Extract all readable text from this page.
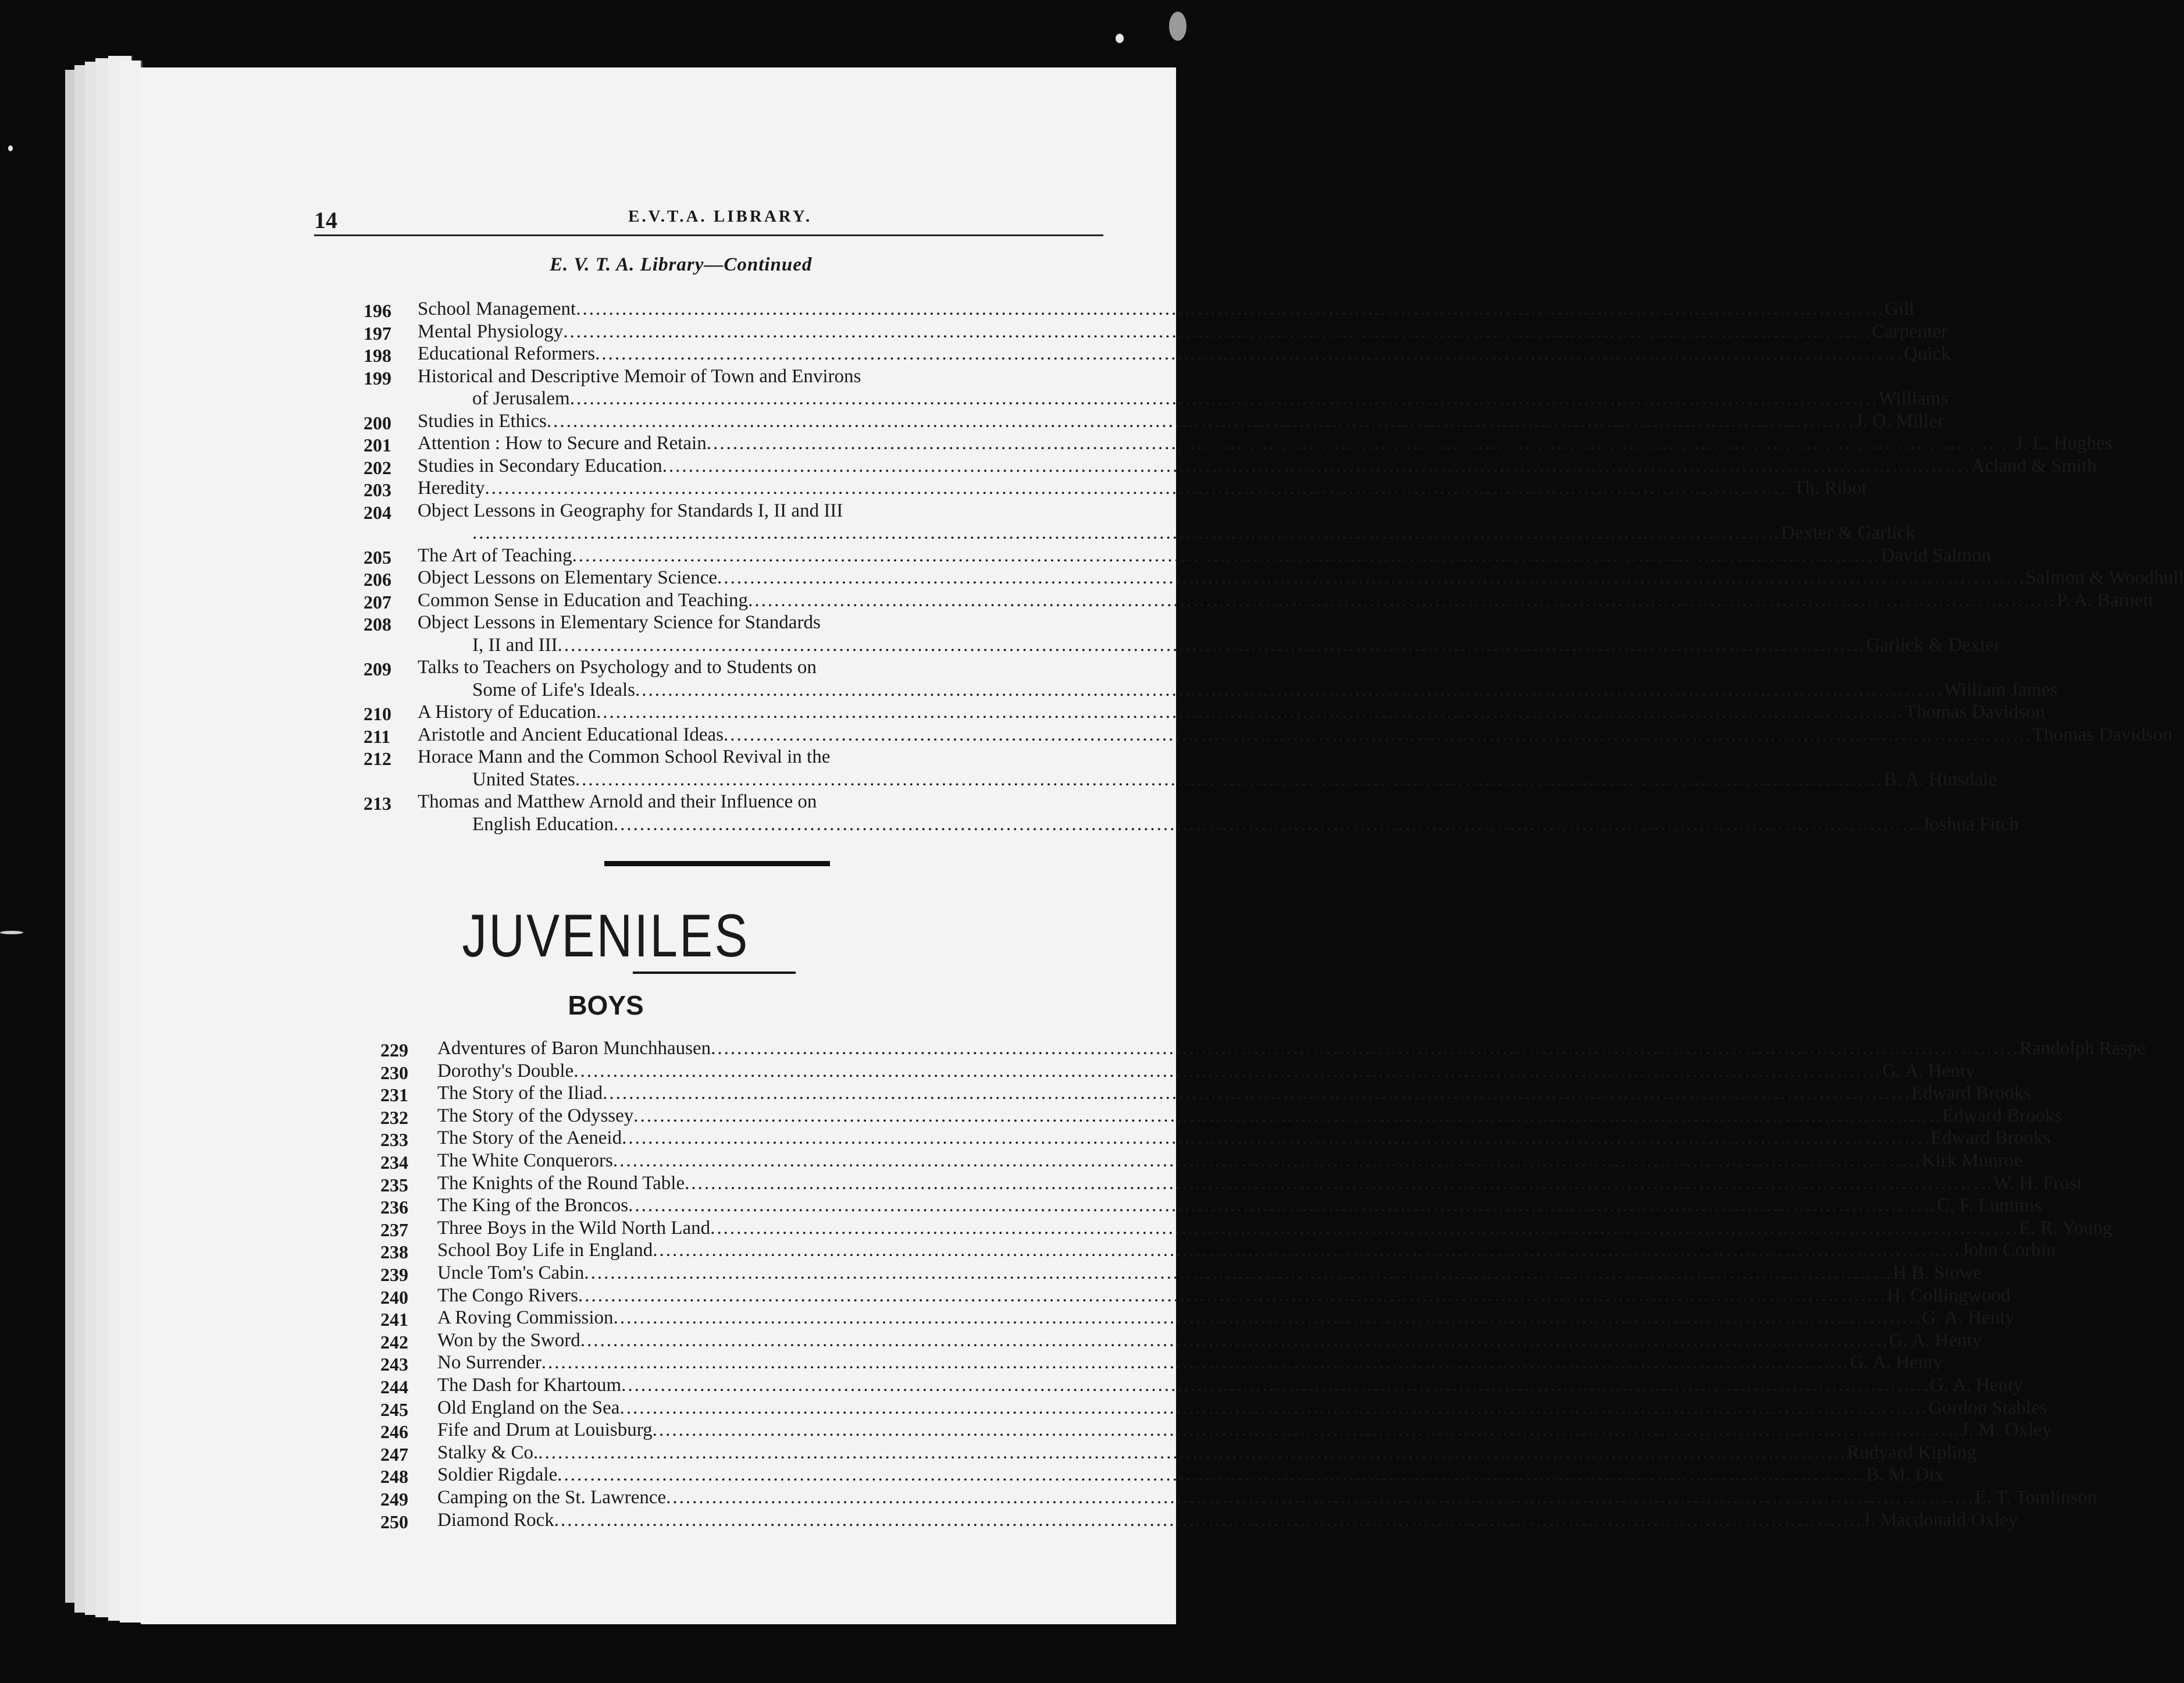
14	E.V.T.A. LIBRARY.
E. V. T. A. Library—Continued
196 School Management ........................................................................................................................................................................................................ Gill
197 Mental Physiology ........................................................................................................................................................................................................ Carpenter
198 Educational Reformers ........................................................................................................................................................................................................ Quick
199 Historical and Descriptive Memoir of Town and Environs
of Jerusalem ........................................................................................................................................................................................................ Williams
200 Studies in Ethics ........................................................................................................................................................................................................ J. O. Miller
201 Attention : How to Secure and Retain ........................................................................................................................................................................................................ J. L. Hughes
202 Studies in Secondary Education ........................................................................................................................................................................................................ Acland & Smith
203 Heredity ........................................................................................................................................................................................................ Th. Ribot
204 Object Lessons in Geography for Standards I, II and III
........................................................................................................................................................................................................ Dexter & Garlick
205 The Art of Teaching ........................................................................................................................................................................................................ David Salmon
206 Object Lessons on Elementary Science ........................................................................................................................................................................................................ Salmon & Woodhull
207 Common Sense in Education and Teaching ........................................................................................................................................................................................................ P. A. Barnett
208 Object Lessons in Elementary Science for Standards
I, II and III ........................................................................................................................................................................................................ Garlick & Dexter
209 Talks to Teachers on Psychology and to Students on
Some of Life's Ideals ........................................................................................................................................................................................................ William James
210 A History of Education ........................................................................................................................................................................................................ Thomas Davidson
211 Aristotle and Ancient Educational Ideas ........................................................................................................................................................................................................ Thomas Davidson
212 Horace Mann and the Common School Revival in the
United States ........................................................................................................................................................................................................ B. A. Hinsdale
213 Thomas and Matthew Arnold and their Influence on
English Education ........................................................................................................................................................................................................ Joshua Fitch
JUVENILES
BOYS
229 Adventures of Baron Munchhausen ........................................................................................................................................................................................................ Randolph Raspe
230 Dorothy's Double ........................................................................................................................................................................................................ G. A. Henty
231 The Story of the Iliad ........................................................................................................................................................................................................ Edward Brooks
232 The Story of the Odyssey ........................................................................................................................................................................................................ Edward Brooks
233 The Story of the Aeneid ........................................................................................................................................................................................................ Edward Brooks
234 The White Conquerors ........................................................................................................................................................................................................ Kirk Munroe
235 The Knights of the Round Table ........................................................................................................................................................................................................ W. H. Frost
236 The King of the Broncos ........................................................................................................................................................................................................ C, F. Lummis
237 Three Boys in the Wild North Land ........................................................................................................................................................................................................ E. R. Young
238 School Boy Life in England ........................................................................................................................................................................................................ John Corbin
239 Uncle Tom's Cabin ........................................................................................................................................................................................................ H B. Stowe
240 The Congo Rivers ........................................................................................................................................................................................................ H. Collingwood
241 A Roving Commission ........................................................................................................................................................................................................ G. A. Henty
242 Won by the Sword ........................................................................................................................................................................................................ G. A. Henty
243 No Surrender ........................................................................................................................................................................................................ G. A. Henty
244 The Dash for Khartoum ........................................................................................................................................................................................................ G. A. Henty
245 Old England on the Sea ........................................................................................................................................................................................................ Gordon Stables
246 Fife and Drum at Louisburg ........................................................................................................................................................................................................ J. M. Oxley
247 Stalky & Co. ........................................................................................................................................................................................................ Rudyard Kipling
248 Soldier Rigdale ........................................................................................................................................................................................................ B. M. Dix
249 Camping on the St. Lawrence ........................................................................................................................................................................................................ E. T. Tomlinson
250 Diamond Rock ........................................................................................................................................................................................................ J. Macdonald Oxley
